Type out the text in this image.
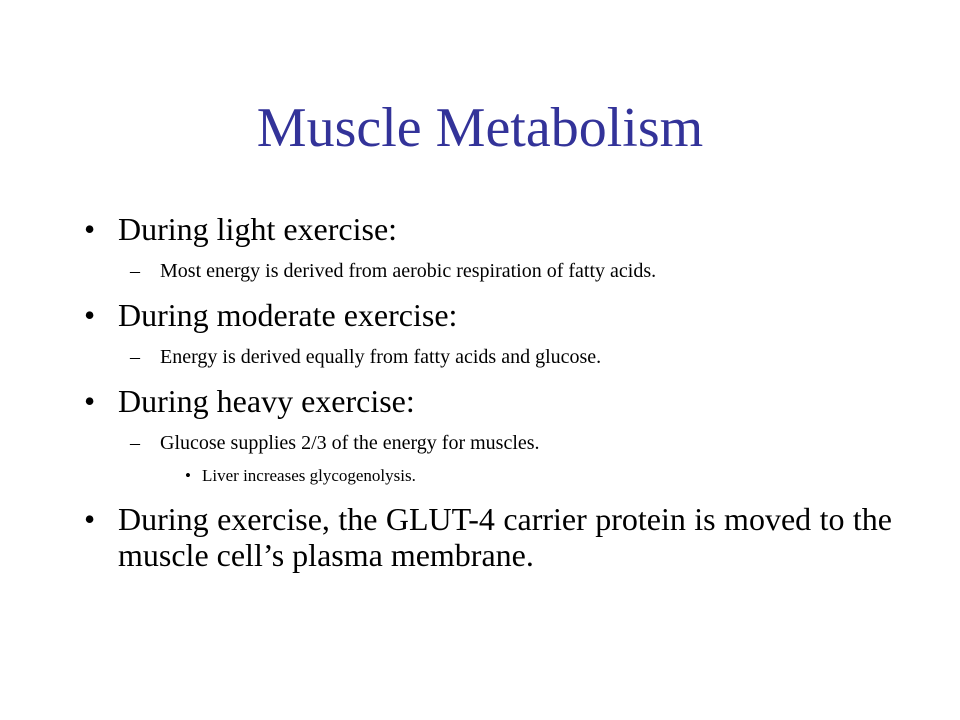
Muscle Metabolism
• During light exercise:
– Most energy is derived from aerobic respiration of fatty acids.
• During moderate exercise:
– Energy is derived equally from fatty acids and glucose.
• During heavy exercise:
– Glucose supplies 2/3 of the energy for muscles.
• Liver increases glycogenolysis.
• During exercise, the GLUT-4 carrier protein is moved to the muscle cell’s plasma membrane.
